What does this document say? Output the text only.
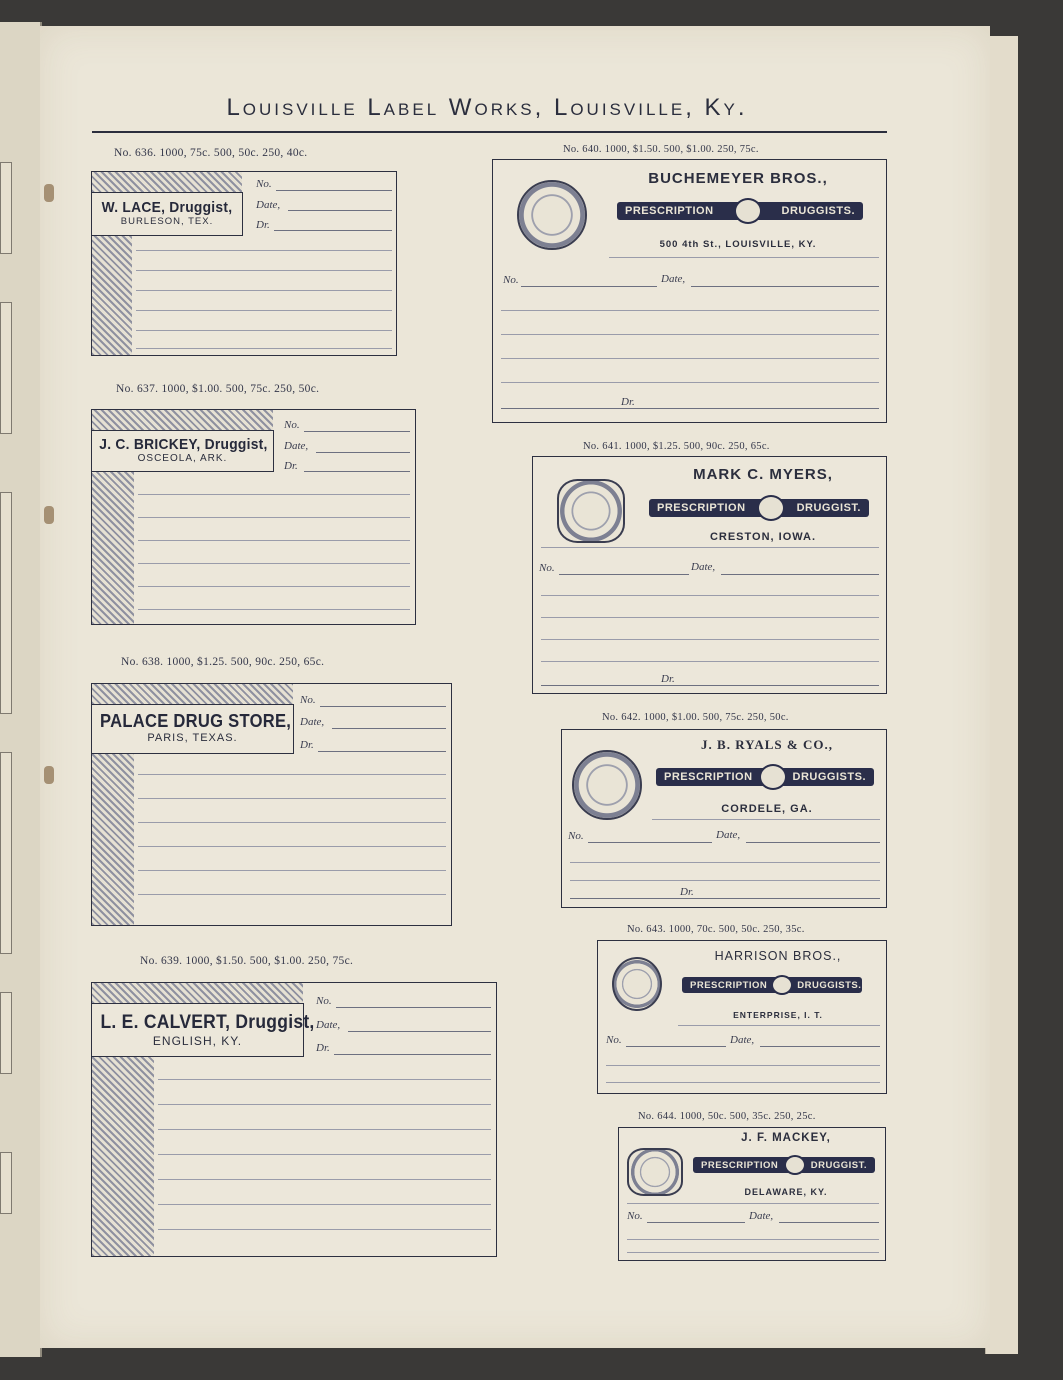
Louisville Label Works, Louisville, Ky.
No. 636. 1000, 75c. 500, 50c. 250, 40c.
W. LACE, Druggist,
BURLESON, TEX.
No.
Date,
Dr.
No. 637. 1000, $1.00. 500, 75c. 250, 50c.
J. C. BRICKEY, Druggist,
OSCEOLA, ARK.
No.
Date,
Dr.
No. 638. 1000, $1.25. 500, 90c. 250, 65c.
PALACE DRUG STORE,
PARIS, TEXAS.
No.
Date,
Dr.
No. 639. 1000, $1.50. 500, $1.00. 250, 75c.
L. E. CALVERT, Druggist,
ENGLISH, KY.
No.
Date,
Dr.
No. 640. 1000, $1.50. 500, $1.00. 250, 75c.
BUCHEMEYER BROS.,
PRESCRIPTION	DRUGGISTS.
500 4th St., LOUISVILLE, KY.
No.	Date,
Dr.
No. 641. 1000, $1.25. 500, 90c. 250, 65c.
MARK C. MYERS,
PRESCRIPTION	DRUGGIST.
CRESTON, IOWA.
No.	Date,
Dr.
No. 642. 1000, $1.00. 500, 75c. 250, 50c.
J. B. RYALS & CO.,
PRESCRIPTION	DRUGGISTS.
CORDELE, GA.
No.	Date,
Dr.
No. 643. 1000, 70c. 500, 50c. 250, 35c.
HARRISON BROS.,
PRESCRIPTION	DRUGGISTS.
ENTERPRISE, I. T.
No.	Date,
No. 644. 1000, 50c. 500, 35c. 250, 25c.
J. F. MACKEY,
PRESCRIPTION	DRUGGIST.
DELAWARE, KY.
No.	Date,
